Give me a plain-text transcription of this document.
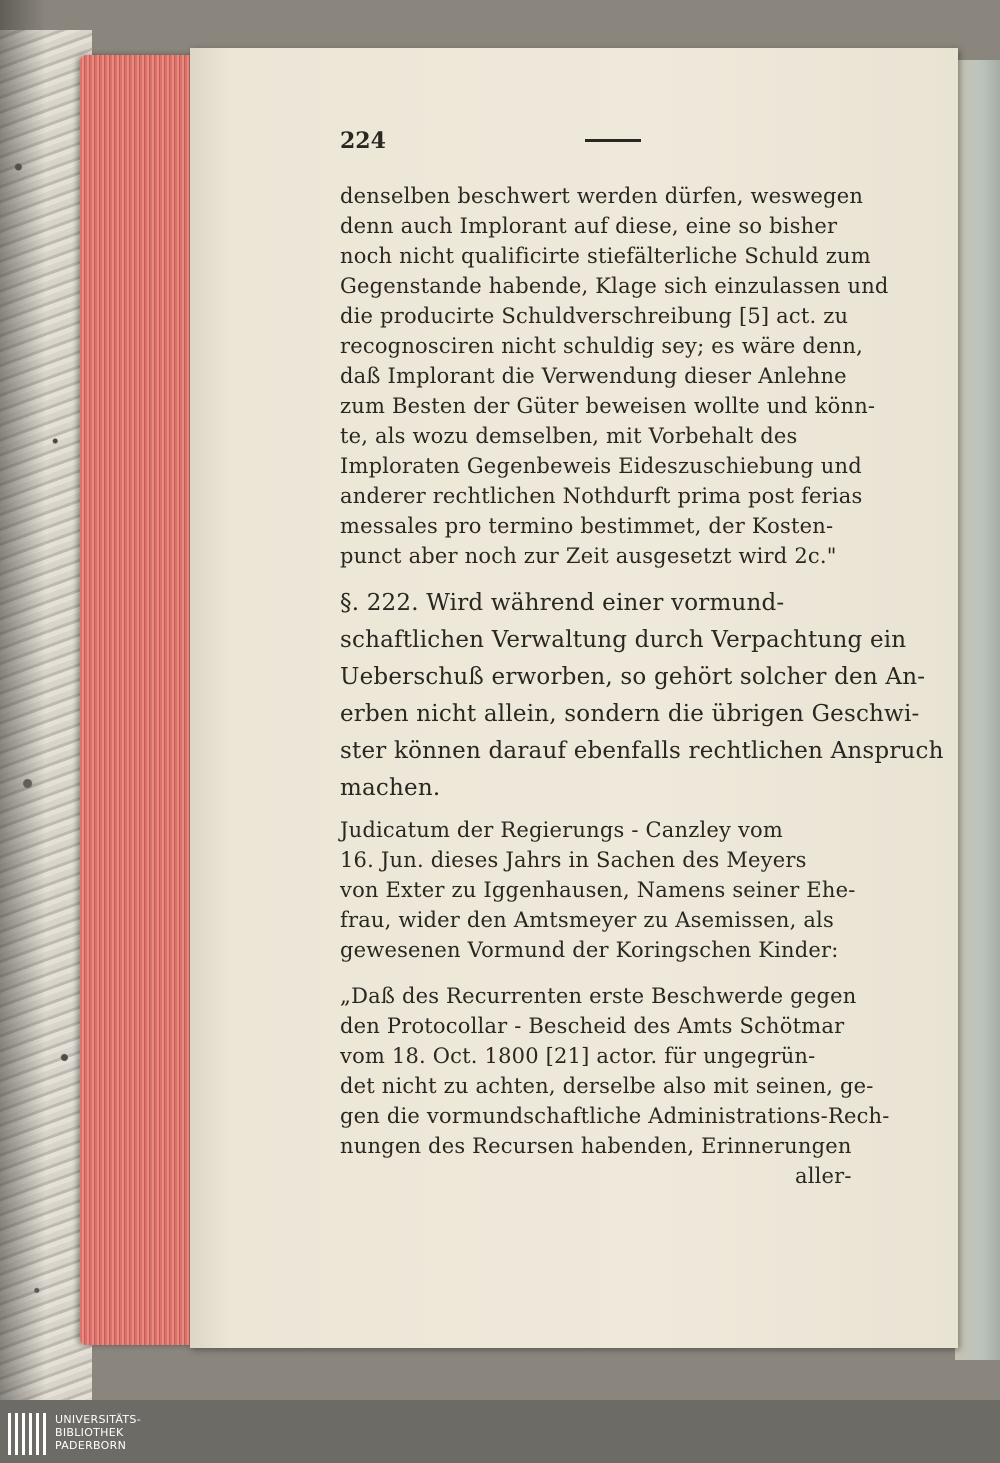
224
denselben beschwert werden dürfen, weswegen
denn auch Implorant auf diese, eine so bisher
noch nicht qualificirte stiefälterliche Schuld zum
Gegenstande habende, Klage sich einzulassen und
die producirte Schuldverschreibung [5] act. zu
recognosciren nicht schuldig sey; es wäre denn,
daß Implorant die Verwendung dieser Anlehne
zum Besten der Güter beweisen wollte und könn-
te, als wozu demselben, mit Vorbehalt des
Imploraten Gegenbeweis Eideszuschiebung und
anderer rechtlichen Nothdurft prima post ferias
messales pro termino bestimmet, der Kosten-
punct aber noch zur Zeit ausgesetzt wird 2c."
§. 222. Wird während einer vormund-
schaftlichen Verwaltung durch Verpachtung ein
Ueberschuß erworben, so gehört solcher den An-
erben nicht allein, sondern die übrigen Geschwi-
ster können darauf ebenfalls rechtlichen Anspruch
machen.
Judicatum der Regierungs - Canzley vom
16. Jun. dieses Jahrs in Sachen des Meyers
von Exter zu Iggenhausen, Namens seiner Ehe-
frau, wider den Amtsmeyer zu Asemissen, als
gewesenen Vormund der Koringschen Kinder:
„Daß des Recurrenten erste Beschwerde gegen
den Protocollar - Bescheid des Amts Schötmar
vom 18. Oct. 1800 [21] actor. für ungegrün-
det nicht zu achten, derselbe also mit seinen, ge-
gen die vormundschaftliche Administrations-Rech-
nungen des Recursen habenden, Erinnerungen
aller-
UNIVERSITÄTS-
BIBLIOTHEK
PADERBORN
